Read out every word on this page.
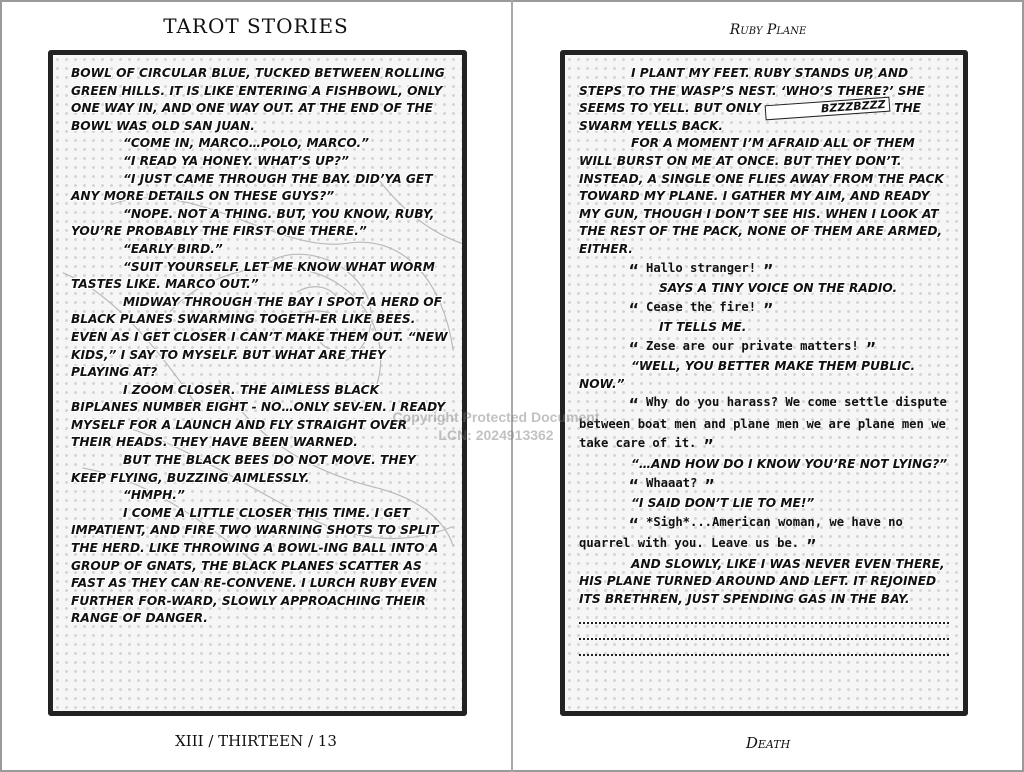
TAROT STORIES	Ruby Plane

BOWL OF CIRCULAR BLUE, TUCKED BETWEEN ROLLING GREEN HILLS. IT IS LIKE ENTERING A FISHBOWL, ONLY ONE WAY IN, AND ONE WAY OUT. AT THE END OF THE BOWL WAS OLD SAN JUAN.

“COME IN, MARCO…POLO, MARCO.”

“I READ YA HONEY. WHAT’S UP?”

“I JUST CAME THROUGH THE BAY. DID’YA GET ANY MORE DETAILS ON THESE GUYS?”

“NOPE. NOT A THING. BUT, YOU KNOW, RUBY, YOU’RE PROBABLY THE FIRST ONE THERE.”

“EARLY BIRD.”

“SUIT YOURSELF. LET ME KNOW WHAT WORM TASTES LIKE. MARCO OUT.”

MIDWAY THROUGH THE BAY I SPOT A HERD OF BLACK PLANES SWARMING TOGETH-ER LIKE BEES. EVEN AS I GET CLOSER I CAN’T MAKE THEM OUT. “NEW KIDS,” I SAY TO MYSELF. BUT WHAT ARE THEY PLAYING AT?

I ZOOM CLOSER. THE AIMLESS BLACK BIPLANES NUMBER EIGHT - NO…ONLY SEV-EN. I READY MYSELF FOR A LAUNCH AND FLY STRAIGHT OVER THEIR HEADS. THEY HAVE BEEN WARNED.

BUT THE BLACK BEES DO NOT MOVE. THEY KEEP FLYING, BUZZING AIMLESSLY.

“HMPH.”

I COME A LITTLE CLOSER THIS TIME. I GET IMPATIENT, AND FIRE TWO WARNING SHOTS TO SPLIT THE HERD. LIKE THROWING A BOWL-ING BALL INTO A GROUP OF GNATS, THE BLACK PLANES SCATTER AS FAST AS THEY CAN RE-CONVENE. I LURCH RUBY EVEN FURTHER FOR-WARD, SLOWLY APPROACHING THEIR RANGE OF DANGER.

I PLANT MY FEET. RUBY STANDS UP, AND STEPS TO THE WASP’S NEST. ‘WHO’S THERE?’ SHE SEEMS TO YELL. BUT ONLY	BZZZBZZZ THE SWARM YELLS BACK.

FOR A MOMENT I’M AFRAID ALL OF THEM WILL BURST ON ME AT ONCE. BUT THEY DON’T. INSTEAD, A SINGLE ONE FLIES AWAY FROM THE PACK TOWARD MY PLANE. I GATHER MY AIM, AND READY MY GUN, THOUGH I DON’T SEE HIS. WHEN I LOOK AT THE REST OF THE PACK, NONE OF THEM ARE ARMED, EITHER.

“ Hallo stranger! ”

SAYS A TINY VOICE ON THE RADIO.

“ Cease the fire! ”

IT TELLS ME.

“ Zese are our private matters! ”

“WELL, YOU BETTER MAKE THEM PUBLIC. NOW.”

“ Why do you harass? We come settle dispute between boat men and plane men we are plane men we take care of it. ”

“…AND HOW DO I KNOW YOU’RE NOT LYING?”

“ Whaaat? ”

“I SAID DON’T LIE TO ME!”

“ *Sigh*...American woman, we have no quarrel with you. Leave us be. ”

AND SLOWLY, LIKE I WAS NEVER EVEN THERE, HIS PLANE TURNED AROUND AND LEFT. IT REJOINED ITS BRETHREN, JUST SPENDING GAS IN THE BAY.

Copyright Protected Document
LCN: 2024913362
XIII / THIRTEEN / 13	Death
